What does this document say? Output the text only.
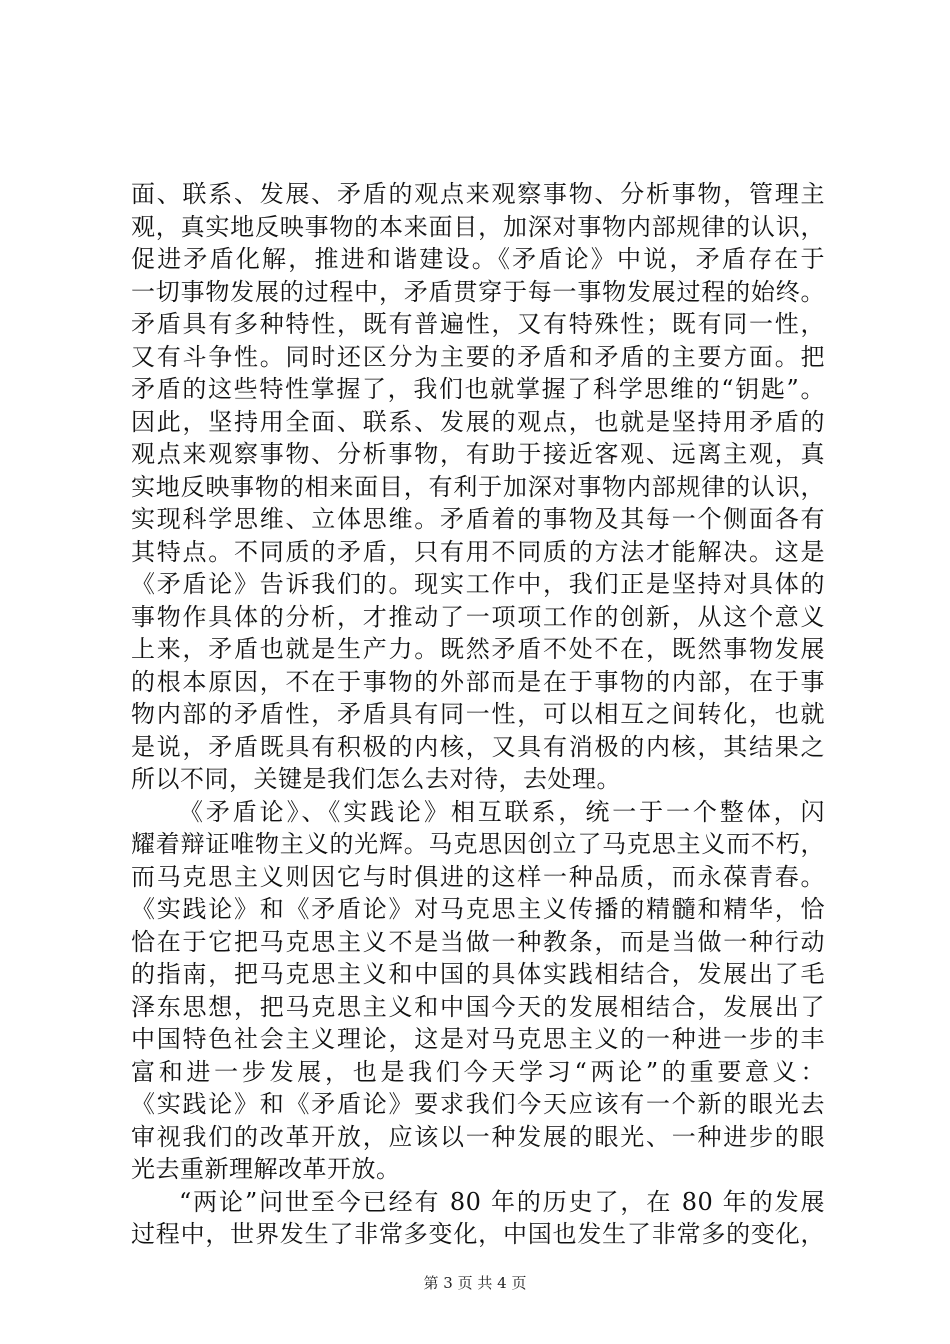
面、联系、发展、矛盾的观点来观察事物、分析事物，管理主
观，真实地反映事物的本来面目，加深对事物内部规律的认识，
促进矛盾化解，推进和谐建设。《矛盾论》中说，矛盾存在于
一切事物发展的过程中，矛盾贯穿于每一事物发展过程的始终。
矛盾具有多种特性，既有普遍性，又有特殊性；既有同一性，
又有斗争性。同时还区分为主要的矛盾和矛盾的主要方面。把
矛盾的这些特性掌握了，我们也就掌握了科学思维的“钥匙”。
因此，坚持用全面、联系、发展的观点，也就是坚持用矛盾的
观点来观察事物、分析事物，有助于接近客观、远离主观，真
实地反映事物的相来面目，有利于加深对事物内部规律的认识，
实现科学思维、立体思维。矛盾着的事物及其每一个侧面各有
其特点。不同质的矛盾，只有用不同质的方法才能解决。这是
《矛盾论》告诉我们的。现实工作中，我们正是坚持对具体的
事物作具体的分析，才推动了一项项工作的创新，从这个意义
上来，矛盾也就是生产力。既然矛盾不处不在，既然事物发展
的根本原因，不在于事物的外部而是在于事物的内部，在于事
物内部的矛盾性，矛盾具有同一性，可以相互之间转化，也就
是说，矛盾既具有积极的内核，又具有消极的内核，其结果之
所以不同，关键是我们怎么去对待，去处理。
《矛盾论》、《实践论》相互联系，统一于一个整体，闪
耀着辩证唯物主义的光辉。马克思因创立了马克思主义而不朽，
而马克思主义则因它与时俱进的这样一种品质，而永葆青春。
《实践论》和《矛盾论》对马克思主义传播的精髓和精华，恰
恰在于它把马克思主义不是当做一种教条，而是当做一种行动
的指南，把马克思主义和中国的具体实践相结合，发展出了毛
泽东思想，把马克思主义和中国今天的发展相结合，发展出了
中国特色社会主义理论，这是对马克思主义的一种进一步的丰
富和进一步发展，也是我们今天学习“两论”的重要意义：
《实践论》和《矛盾论》要求我们今天应该有一个新的眼光去
审视我们的改革开放，应该以一种发展的眼光、一种进步的眼
光去重新理解改革开放。
“两论”问世至今已经有 80 年的历史了，在 80 年的发展
过程中，世界发生了非常多变化，中国也发生了非常多的变化，
第 3 页 共 4 页
